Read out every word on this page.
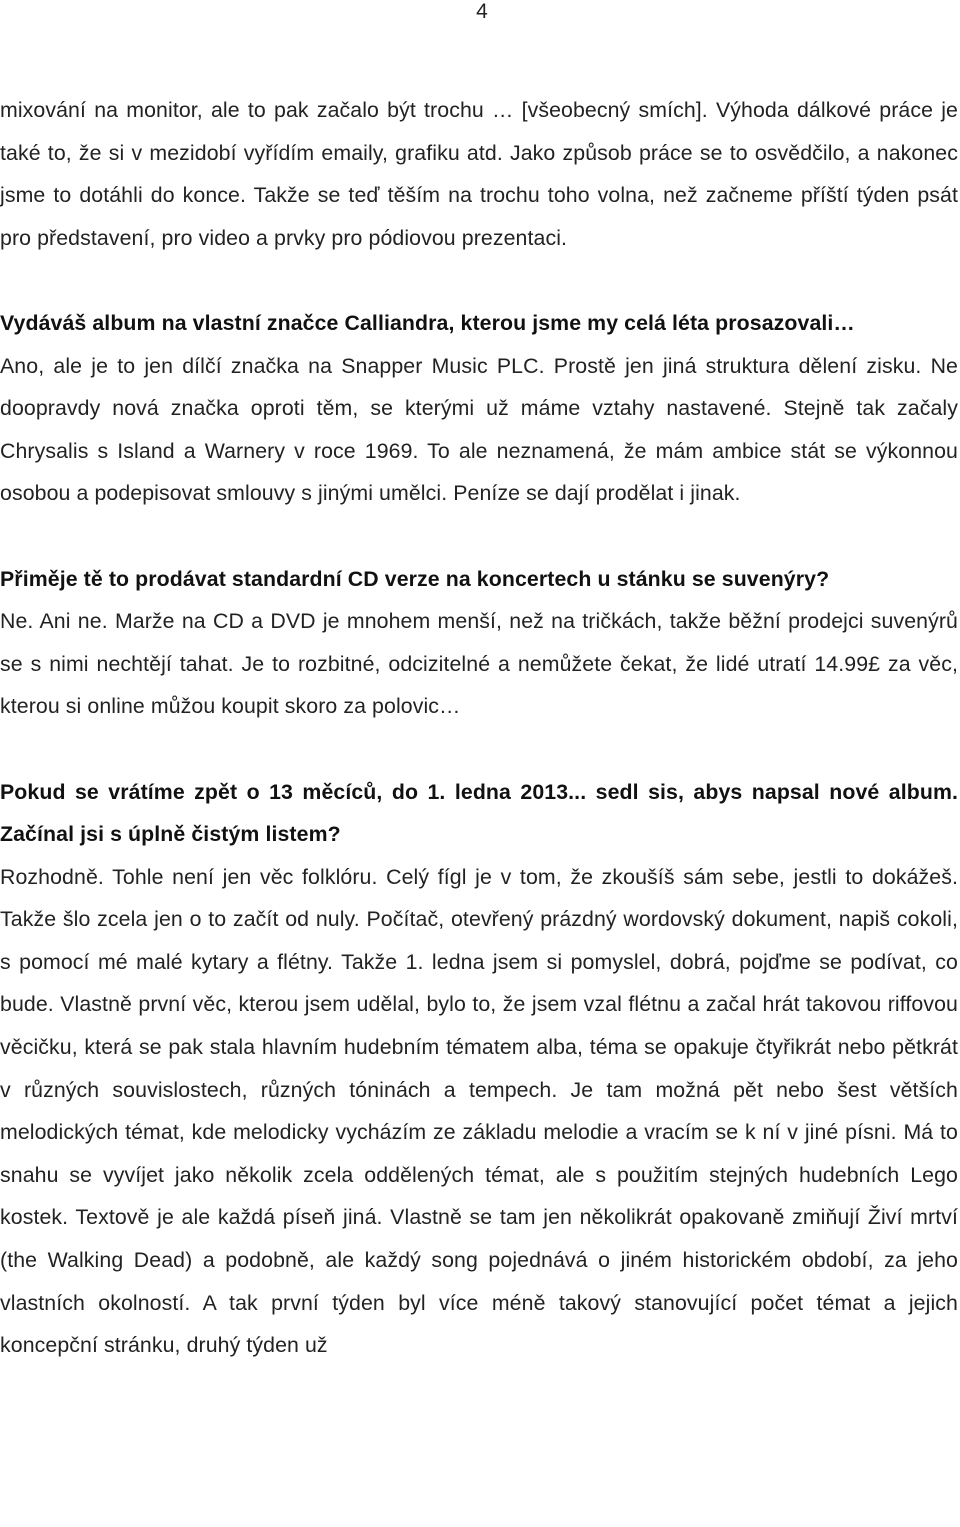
4

mixování na monitor, ale to pak začalo být trochu … [všeobecný smích]. Výhoda dálkové práce je také to, že si v mezidobí vyřídím emaily, grafiku atd. Jako způsob práce se to osvědčilo, a nakonec jsme to dotáhli do konce. Takže se teď těším na trochu toho volna, než začneme příští týden psát pro představení, pro video a prvky pro pódiovou prezentaci.

Vydáváš album na vlastní značce Calliandra, kterou jsme my celá léta prosazovali…

Ano, ale je to jen dílčí značka na Snapper Music PLC. Prostě jen jiná struktura dělení zisku. Ne doopravdy nová značka oproti těm, se kterými už máme vztahy nastavené. Stejně tak začaly Chrysalis s Island a Warnery v roce 1969. To ale neznamená, že mám ambice stát se výkonnou osobou a podepisovat smlouvy s jinými umělci. Peníze se dají prodělat i jinak.

Přiměje tě to prodávat standardní CD verze na koncertech u stánku se suvenýry?

Ne. Ani ne. Marže na CD a DVD je mnohem menší, než na tričkách, takže běžní prodejci suvenýrů se s nimi nechtějí tahat. Je to rozbitné, odcizitelné a nemůžete čekat, že lidé utratí 14.99£ za věc, kterou si online můžou koupit skoro za polovic…

Pokud se vrátíme zpět o 13 měcíců, do 1. ledna 2013... sedl sis, abys napsal nové album. Začínal jsi s úplně čistým listem?

Rozhodně. Tohle není jen věc folklóru. Celý fígl je v tom, že zkoušíš sám sebe, jestli to dokážeš. Takže šlo zcela jen o to začít od nuly. Počítač, otevřený prázdný wordovský dokument, napiš cokoli, s pomocí mé malé kytary a flétny. Takže 1. ledna jsem si pomyslel, dobrá, pojďme se podívat, co bude. Vlastně první věc, kterou jsem udělal, bylo to, že jsem vzal flétnu a začal hrát takovou riffovou věcičku, která se pak stala hlavním hudebním tématem alba, téma se opakuje čtyřikrát nebo pětkrát v různých souvislostech, různých tóninách a tempech. Je tam možná pět nebo šest větších melodických témat, kde melodicky vycházím ze základu melodie a vracím se k ní v jiné písni. Má to snahu se vyvíjet jako několik zcela oddělených témat, ale s použitím stejných hudebních Lego kostek. Textově je ale každá píseň jiná. Vlastně se tam jen několikrát opakovaně zmiňují Živí mrtví (the Walking Dead) a podobně, ale každý song pojednává o jiném historickém období, za jeho vlastních okolností. A tak první týden byl více méně takový stanovující počet témat a jejich koncepční stránku, druhý týden už
